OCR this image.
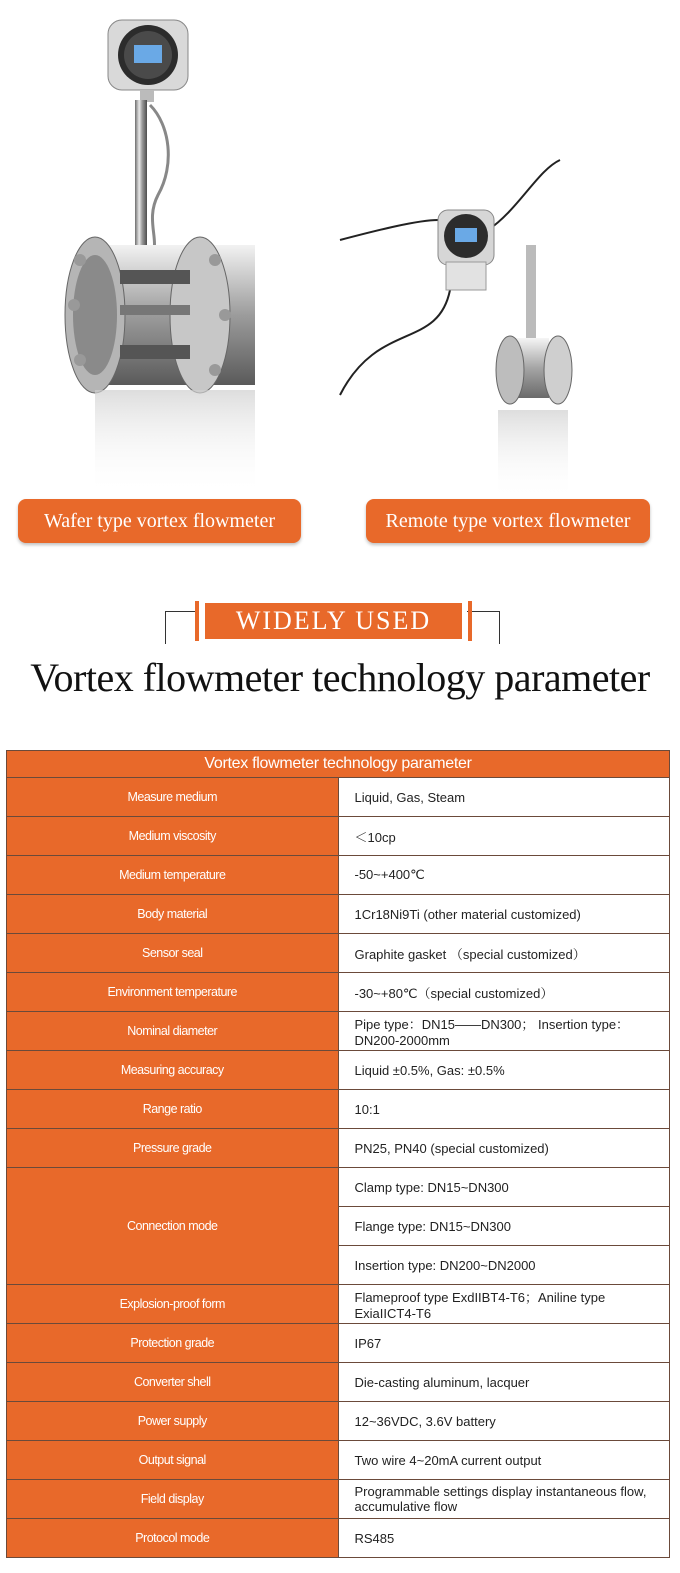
Wafer type vortex flowmeter	Remote type vortex flowmeter
WIDELY USED
Vortex flowmeter technology parameter
Vortex flowmeter technology parameter	
Measure medium	Liquid, Gas, Steam
Medium viscosity	＜10cp
Medium temperature	-50~+400℃
Body material	1Cr18Ni9Ti (other material customized)
Sensor seal	Graphite gasket （special customized）
Environment temperature	-30~+80℃（special customized）
Nominal diameter	Pipe type：DN15——DN300； Insertion type：DN200-2000mm
Measuring accuracy	Liquid ±0.5%, Gas: ±0.5%
Range ratio	10:1
Pressure grade	PN25, PN40 (special customized)
Connection mode	Clamp type: DN15~DN300
	Flange type: DN15~DN300
	Insertion type: DN200~DN2000
Explosion-proof form	Flameproof type ExdIIBT4-T6；Aniline type ExiaIICT4-T6
Protection grade	IP67
Converter shell	Die-casting aluminum, lacquer
Power supply	12~36VDC, 3.6V battery
Output signal	Two wire 4~20mA current output
Field display	Programmable settings display instantaneous flow, accumulative flow
Protocol mode	RS485
